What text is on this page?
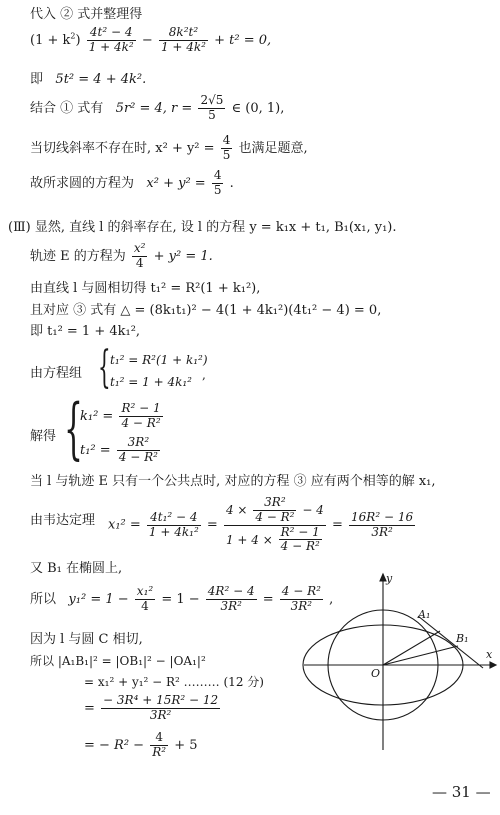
代入 ② 式并整理得
$(1 + k^2) \frac{\text{4t² − 4}}{\text{1 + 4k²}} - \frac{\text{8k²t²}}{\text{1 + 4k²}} + t^2 = 0$,
即 5t² = 4 + 4k².
结合 ① 式有 5r² = 4, $r = \frac{2√5}{5}$ ∈ (0, 1),
当切线斜率不存在时, $x^2 + y^2 = \frac{4}{5}$ 也满足题意,
故所求圆的方程为 $x^2 + y^2 = \frac{4}{5}$ .
(Ⅲ) 显然, 直线 l 的斜率存在, 设 l 的方程 y = k₁x + t₁, B₁(x₁, y₁).
轨迹 E 的方程为 $\frac{\text{x²}}{4} + y^2 = 1$.
由直线 l 与圆相切得 t₁² = R²(1 + k₁²),
且对应 ③ 式有 △ = (8k₁t₁)² − 4(1 + 4k₁²)(4t₁² − 4) = 0,
即 t₁² = 1 + 4k₁²,
由方程组 { t₁² = R²(1 + k₁²)
t₁² = 1 + 4k₁² ,
解得 {
$k_1^2 = \frac{\text{R² − 1}}{\text{4 − R²}}$
$t_1^2 = \frac{\text{3R²}}{\text{4 − R²}}$
当 l 与轨迹 E 只有一个公共点时, 对应的方程 ③ 应有两个相等的解 x₁,
由韦达定理 $x_1^2 = \frac{\text{4t₁² − 4}}{\text{1 + 4k₁²}} = \frac{4 \times \frac{\text{3R²}}{\text{4 − R²}} - 4}{1 + 4 \times \frac{\text{R² − 1}}{\text{4 − R²}}} = \frac{\text{16R² − 16}}{\text{3R²}}$
又 B₁ 在椭圆上,
所以 $y_1^2 = 1 - \frac{\text{x₁²}}{4} = 1 - \frac{\text{4R² − 4}}{\text{3R²}} = \frac{\text{4 − R²}}{\text{3R²}}$ ,
因为 l 与圆 C 相切,
所以 |A₁B₁|² = |OB₁|² − |OA₁|²
= x₁² + y₁² − R² ……… (12 分)
= $\frac{\text{− 3R⁴ + 15R² − 12}}{\text{3R²}}$
= − $R^2 - \frac{4}{\text{R²}} + 5$
y
x
O
A₁
B₁
— 31 —
